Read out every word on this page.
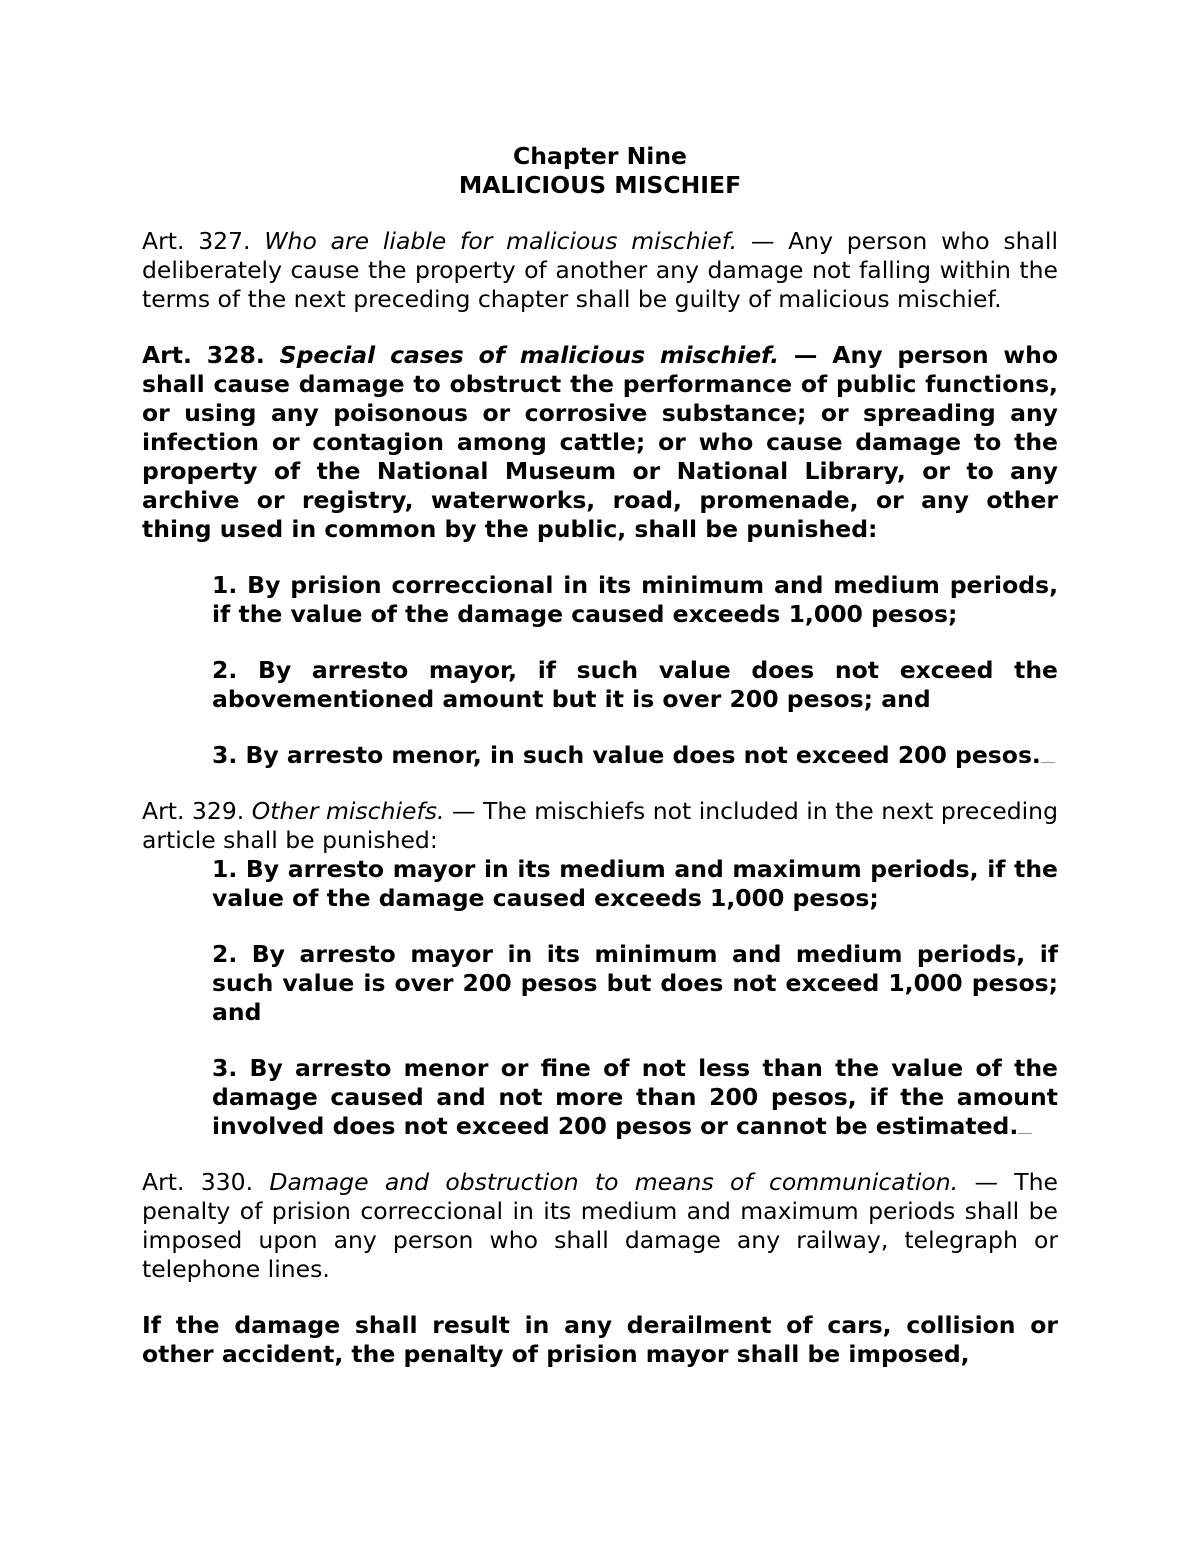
Chapter Nine
MALICIOUS MISCHIEF

Art. 327. Who are liable for malicious mischief. — Any person who shall deliberately cause the property of another any damage not falling within the terms of the next preceding chapter shall be guilty of malicious mischief.

Art. 328. Special cases of malicious mischief. — Any person who shall cause damage to obstruct the performance of public functions, or using any poisonous or corrosive substance; or spreading any infection or contagion among cattle; or who cause damage to the property of the National Museum or National Library, or to any archive or registry, waterworks, road, promenade, or any other thing used in common by the public, shall be punished:

1. By prision correccional in its minimum and medium periods, if the value of the damage caused exceeds 1,000 pesos;
2. By arresto mayor, if such value does not exceed the abovementioned amount but it is over 200 pesos; and
3. By arresto menor, in such value does not exceed 200 pesos.

Art. 329. Other mischiefs. — The mischiefs not included in the next preceding article shall be punished:

1. By arresto mayor in its medium and maximum periods, if the value of the damage caused exceeds 1,000 pesos;
2. By arresto mayor in its minimum and medium periods, if such value is over 200 pesos but does not exceed 1,000 pesos; and
3. By arresto menor or fine of not less than the value of the damage caused and not more than 200 pesos, if the amount involved does not exceed 200 pesos or cannot be estimated.

Art. 330. Damage and obstruction to means of communication. — The penalty of prision correccional in its medium and maximum periods shall be imposed upon any person who shall damage any railway, telegraph or telephone lines.

If the damage shall result in any derailment of cars, collision or other accident, the penalty of prision mayor shall be imposed,
